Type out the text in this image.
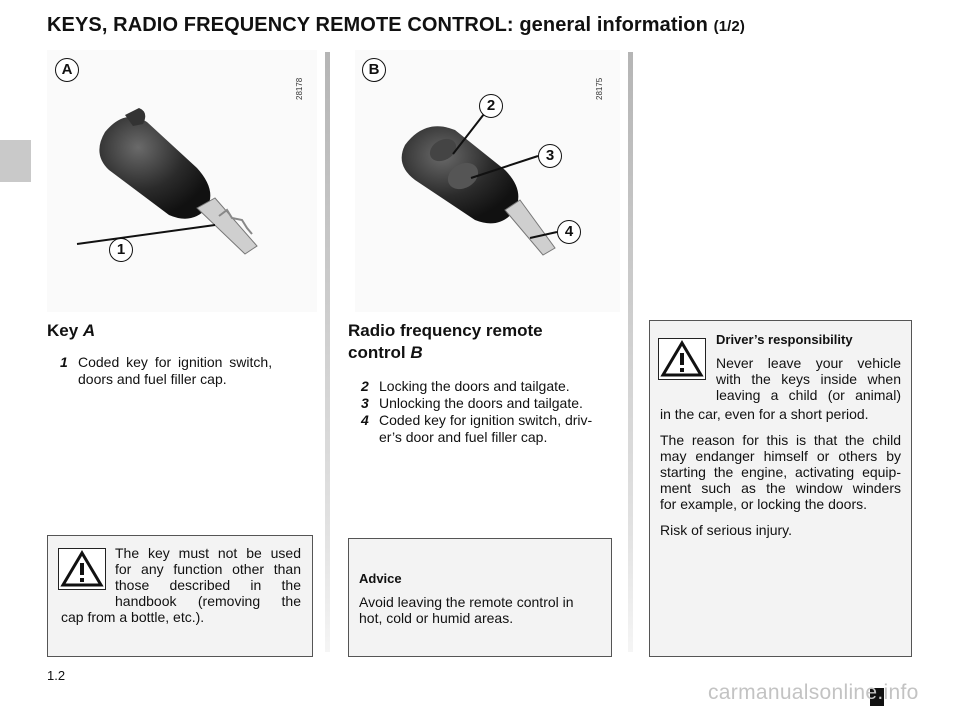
KEYS, RADIO FREQUENCY REMOTE CONTROL: general information (1/2)
A
28178
1
B
28175
2
3
4
Key A
1 Coded key for ignition switch,
doors and fuel filler cap.
The key must not be used
for any function other than
those described in the
handbook (removing the
cap from a bottle, etc.).
Radio frequency remote
control B
2 Locking the doors and tailgate.
3 Unlocking the doors and tailgate.
4 Coded key for ignition switch, driv-
er’s door and fuel filler cap.
Advice
Avoid leaving the remote control in
hot, cold or humid areas.
Driver’s responsibility
Never leave your vehicle
with the keys inside when
leaving a child (or animal)
in the car, even for a short period.
The reason for this is that the child
may endanger himself or others by
starting the engine, activating equip-
ment such as the window winders
for example, or locking the doors.
Risk of serious injury.
1.2
carmanualsonline.info
